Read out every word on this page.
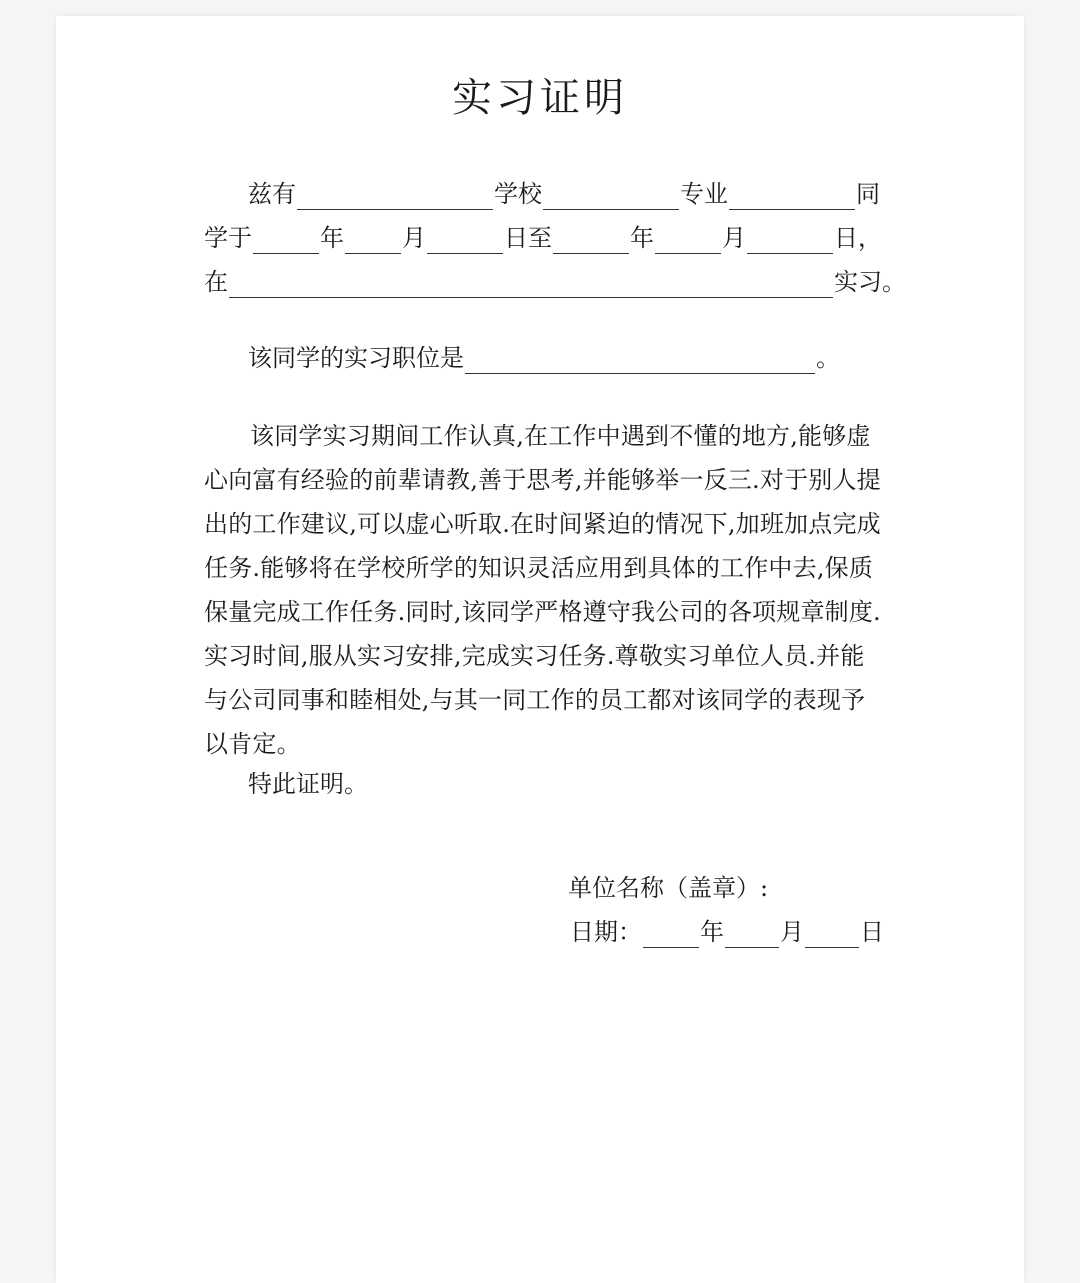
实习证明
兹有	学校	专业	同
学于	年 月	日至	年	月	日，
在	实习。
该同学的实习职位是	。
该同学实习期间工作认真,在工作中遇到不懂的地方,能够虚心向富有经验的前辈请教,善于思考,并能够举一反三.对于别人提出的工作建议,可以虚心听取.在时间紧迫的情况下,加班加点完成任务.能够将在学校所学的知识灵活应用到具体的工作中去,保质保量完成工作任务.同时,该同学严格遵守我公司的各项规章制度.实习时间,服从实习安排,完成实习任务.尊敬实习单位人员.并能与公司同事和睦相处,与其一同工作的员工都对该同学的表现予以肯定。
特此证明。
单位名称（盖章）:
日期： 年 月 日
